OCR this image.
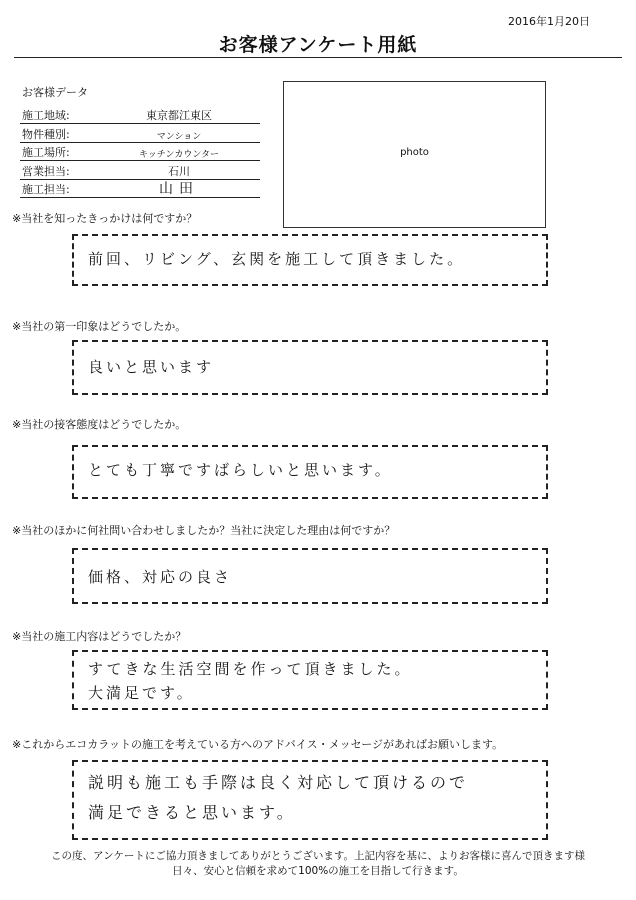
2016年1月20日
お客様アンケート用紙
お客様データ
施工地域:	東京都江東区
物件種別:	マンション
施工場所:	キッチンカウンター
営業担当:	石川
施工担当:	山田
photo
※当社を知ったきっかけは何ですか？
前回、リビング、玄関を施工して頂きました。
※当社の第一印象はどうでしたか。
良いと思います
※当社の接客態度はどうでしたか。
とても丁寧ですばらしいと思います。
※当社のほかに何社問い合わせしましたか？当社に決定した理由は何ですか？
価格、対応の良さ
※当社の施工内容はどうでしたか？
すてきな生活空間を作って頂きました。
大満足です。
※これからエコカラットの施工を考えている方へのアドバイス・メッセージがあればお願いします。
説明も施工も手際は良く対応して頂けるので
満足できると思います。
この度、アンケートにご協力頂きましてありがとうございます。上記内容を基に、よりお客様に喜んで頂きます様
日々、安心と信頼を求めて100%の施工を目指して行きます。
